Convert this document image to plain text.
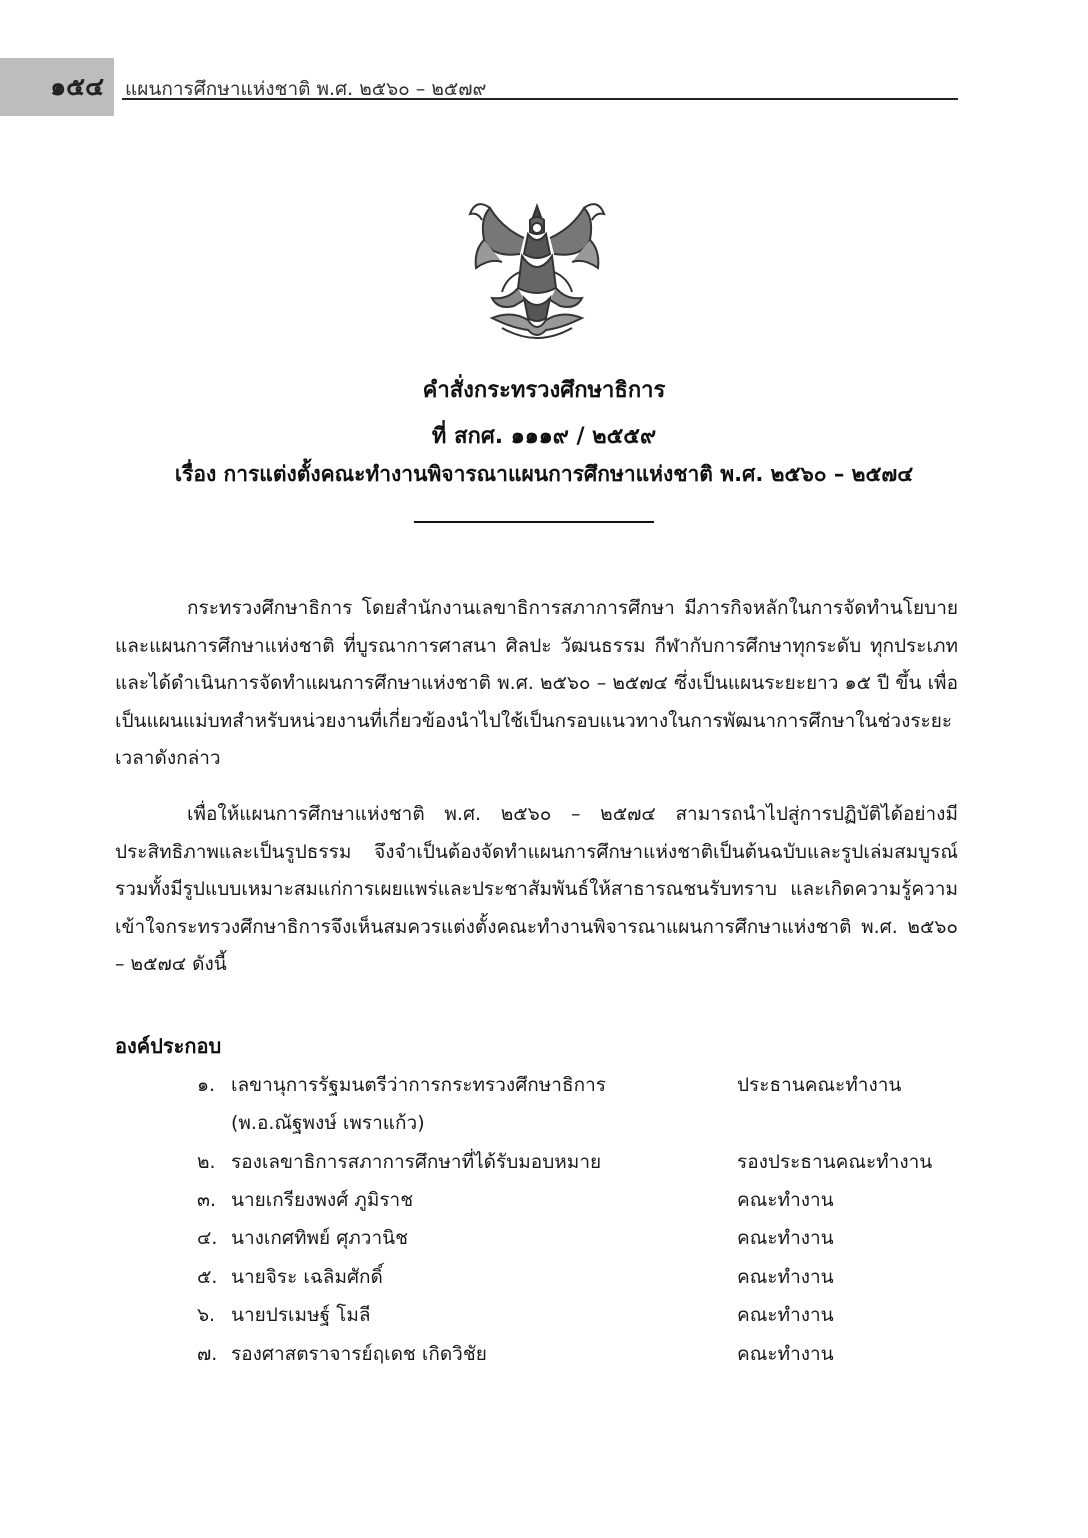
๑๕๔	แผนการศึกษาแห่งชาติ พ.ศ. ๒๕๖๐ – ๒๕๗๙
คำสั่งกระทรวงศึกษาธิการ
ที่ สกศ. ๑๑๑๙ / ๒๕๕๙
เรื่อง การแต่งตั้งคณะทำงานพิจารณาแผนการศึกษาแห่งชาติ พ.ศ. ๒๕๖๐ – ๒๕๗๔

กระทรวงศึกษาธิการ โดยสำนักงานเลขาธิการสภาการศึกษา มีภารกิจหลักในการจัดทำนโยบายและแผนการศึกษาแห่งชาติ ที่บูรณาการศาสนา ศิลปะ วัฒนธรรม กีฬากับการศึกษาทุกระดับ ทุกประเภท และได้ดำเนินการจัดทำแผนการศึกษาแห่งชาติ พ.ศ. ๒๕๖๐ – ๒๕๗๔ ซึ่งเป็นแผนระยะยาว ๑๕ ปี ขึ้น เพื่อเป็นแผนแม่บทสำหรับหน่วยงานที่เกี่ยวข้องนำไปใช้เป็นกรอบแนวทางในการพัฒนาการศึกษาในช่วงระยะเวลาดังกล่าว

เพื่อให้แผนการศึกษาแห่งชาติ พ.ศ. ๒๕๖๐ – ๒๕๗๔ สามารถนำไปสู่การปฏิบัติได้อย่างมีประสิทธิภาพและเป็นรูปธรรม จึงจำเป็นต้องจัดทำแผนการศึกษาแห่งชาติเป็นต้นฉบับและรูปเล่มสมบูรณ์ รวมทั้งมีรูปแบบเหมาะสมแก่การเผยแพร่และประชาสัมพันธ์ให้สาธารณชนรับทราบ และเกิดความรู้ความเข้าใจกระทรวงศึกษาธิการจึงเห็นสมควรแต่งตั้งคณะทำงานพิจารณาแผนการศึกษาแห่งชาติ พ.ศ. ๒๕๖๐ – ๒๕๗๔ ดังนี้

องค์ประกอบ
๑. เลขานุการรัฐมนตรีว่าการกระทรวงศึกษาธิการ	ประธานคณะทำงาน
(พ.อ.ณัฐพงษ์ เพราแก้ว)
๒. รองเลขาธิการสภาการศึกษาที่ได้รับมอบหมาย	รองประธานคณะทำงาน
๓. นายเกรียงพงศ์ ภูมิราช	คณะทำงาน
๔. นางเกศทิพย์ ศุภวานิช	คณะทำงาน
๕. นายจิระ เฉลิมศักดิ์	คณะทำงาน
๖. นายปรเมษฐ์ โมลี	คณะทำงาน
๗. รองศาสตราจารย์ฤเดช เกิดวิชัย	คณะทำงาน
